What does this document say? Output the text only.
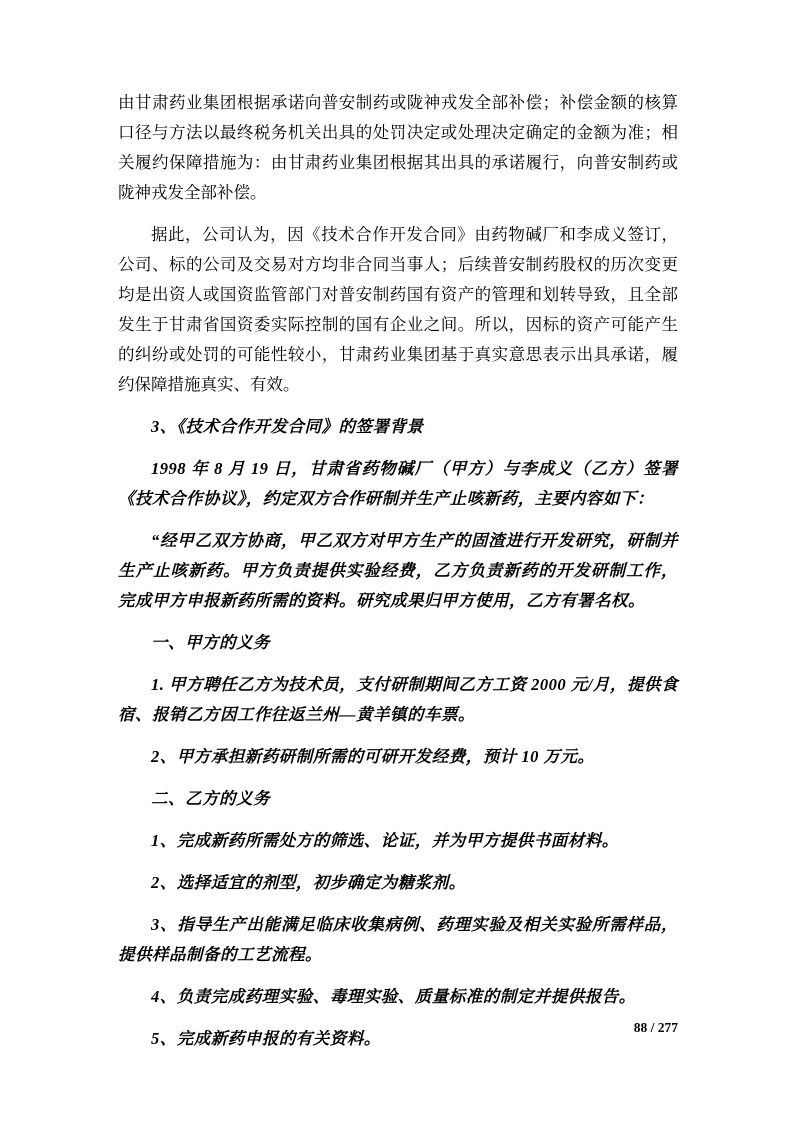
由甘肃药业集团根据承诺向普安制药或陇神戎发全部补偿；补偿金额的核算口径与方法以最终税务机关出具的处罚决定或处理决定确定的金额为准；相关履约保障措施为：由甘肃药业集团根据其出具的承诺履行，向普安制药或陇神戎发全部补偿。

据此，公司认为，因《技术合作开发合同》由药物碱厂和李成义签订，公司、标的公司及交易对方均非合同当事人；后续普安制药股权的历次变更均是出资人或国资监管部门对普安制药国有资产的管理和划转导致，且全部发生于甘肃省国资委实际控制的国有企业之间。所以，因标的资产可能产生的纠纷或处罚的可能性较小，甘肃药业集团基于真实意思表示出具承诺，履约保障措施真实、有效。

3、《技术合作开发合同》的签署背景

1998 年 8 月 19 日，甘肃省药物碱厂（甲方）与李成义（乙方）签署《技术合作协议》，约定双方合作研制并生产止咳新药，主要内容如下：

“经甲乙双方协商，甲乙双方对甲方生产的固渣进行开发研究，研制并生产止咳新药。甲方负责提供实验经费，乙方负责新药的开发研制工作，完成甲方申报新药所需的资料。研究成果归甲方使用，乙方有署名权。

一、甲方的义务

1. 甲方聘任乙方为技术员，支付研制期间乙方工资 2000 元/月，提供食宿、报销乙方因工作往返兰州—黄羊镇的车票。

2、甲方承担新药研制所需的可研开发经费，预计 10 万元。

二、乙方的义务

1、完成新药所需处方的筛选、论证，并为甲方提供书面材料。

2、选择适宜的剂型，初步确定为糖浆剂。

3、指导生产出能满足临床收集病例、药理实验及相关实验所需样品，提供样品制备的工艺流程。

4、负责完成药理实验、毒理实验、质量标准的制定并提供报告。

5、完成新药申报的有关资料。

88 / 277
